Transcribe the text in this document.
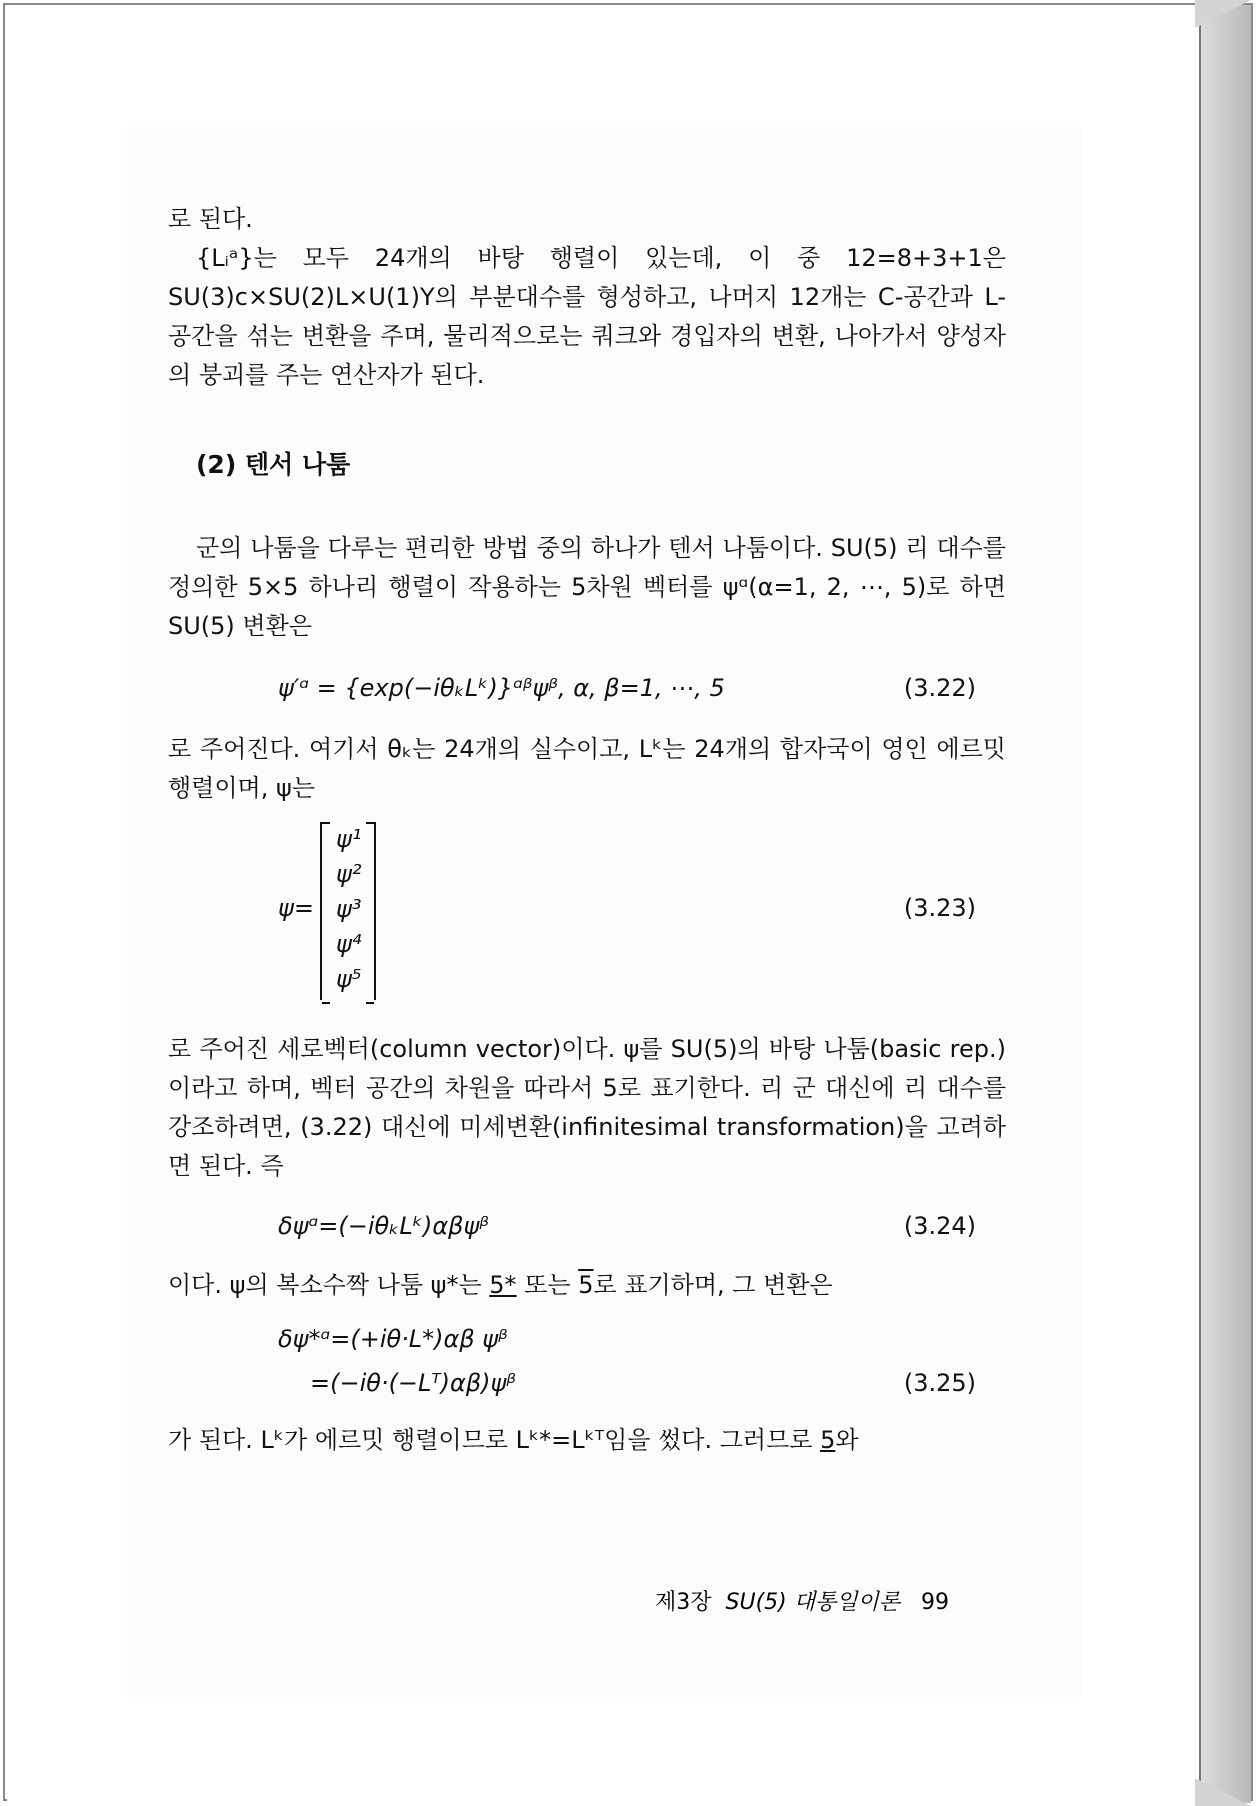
로 된다.

{Lᵢᵃ}는 모두 24개의 바탕 행렬이 있는데, 이 중 12=8+3+1은 SU(3)c×SU(2)L×U(1)Y의 부분대수를 형성하고, 나머지 12개는 C-공간과 L-공간을 섞는 변환을 주며, 물리적으로는 쿼크와 경입자의 변환, 나아가서 양성자의 붕괴를 주는 연산자가 된다.

(2) 텐서 나툼

군의 나툼을 다루는 편리한 방법 중의 하나가 텐서 나툼이다. SU(5) 리 대수를 정의한 5×5 하나리 행렬이 작용하는 5차원 벡터를 ψᵅ(α=1, 2, ⋯, 5)로 하면 SU(5) 변환은

ψ′ᵅ = {exp(−iθₖLᵏ)}ᵅᵝψᵝ, α, β=1, ⋯, 5	(3.22)

로 주어진다. 여기서 θₖ는 24개의 실수이고, Lᵏ는 24개의 합자국이 영인 에르밋 행렬이며, ψ는

ψ=
ψ¹
ψ²
ψ³
ψ⁴
ψ⁵
(3.23)

로 주어진 세로벡터(column vector)이다. ψ를 SU(5)의 바탕 나툼(basic rep.)이라고 하며, 벡터 공간의 차원을 따라서 5로 표기한다. 리 군 대신에 리 대수를 강조하려면, (3.22) 대신에 미세변환(infinitesimal transformation)을 고려하면 된다. 즉

δψᵅ=(−iθₖLᵏ)αβψᵝ	(3.24)

이다. ψ의 복소수짝 나툼 ψ*는 5* 또는 5로 표기하며, 그 변환은

δψ*ᵅ=(+iθ·L*)αβ ψᵝ
=(−iθ·(−Lᵀ)αβ)ψᵝ	(3.25)

가 된다. Lᵏ가 에르밋 행렬이므로 Lᵏ*=Lᵏᵀ임을 썼다. 그러므로 5와

제3장 SU(5) 대통일이론 99
